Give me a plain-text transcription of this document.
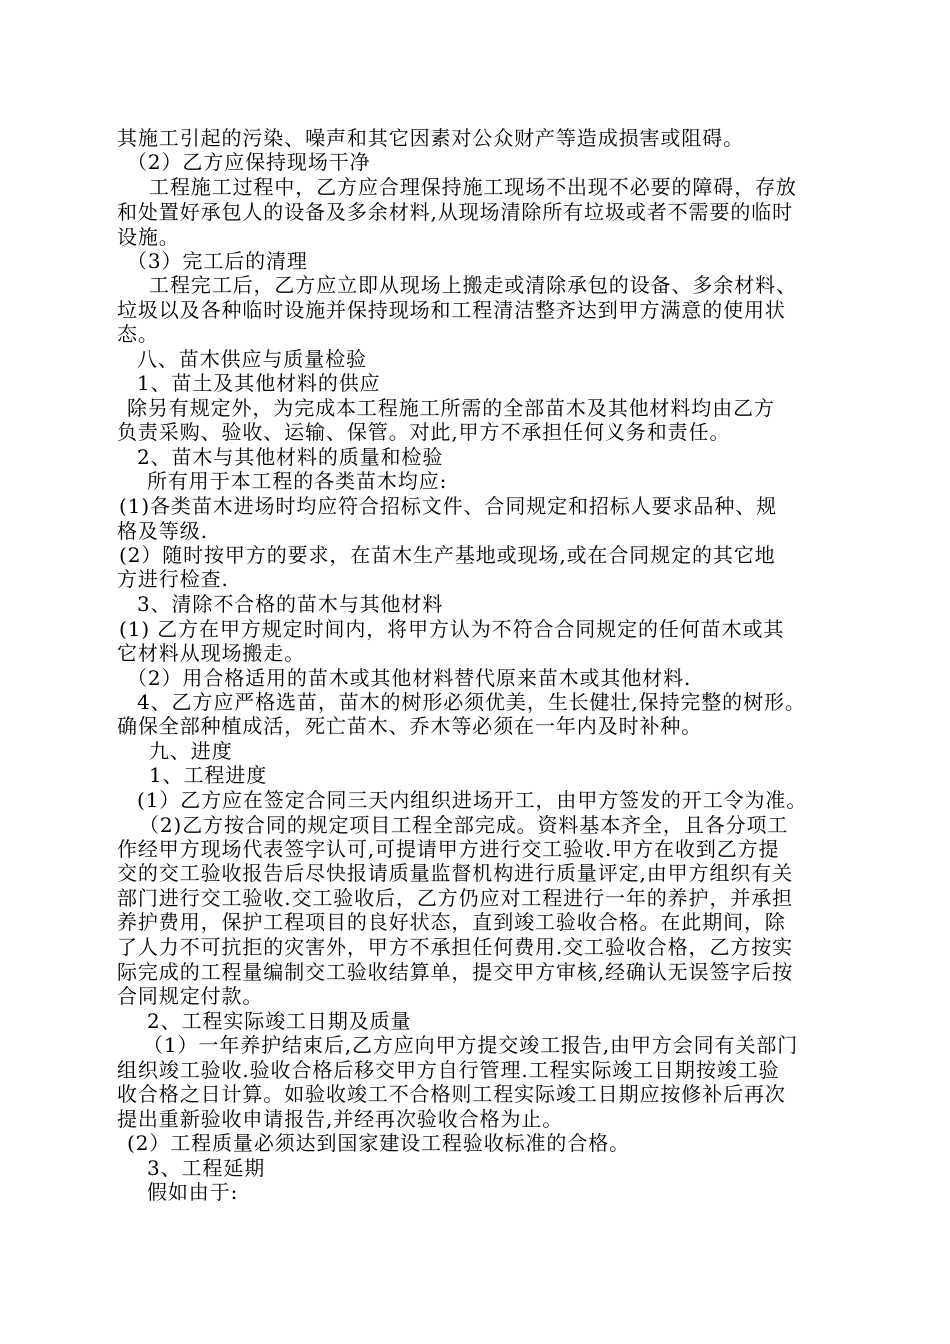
其施工引起的污染、噪声和其它因素对公众财产等造成损害或阻碍。
（2）乙方应保持现场干净
工程施工过程中，乙方应合理保持施工现场不出现不必要的障碍，存放
和处置好承包人的设备及多余材料,从现场清除所有垃圾或者不需要的临时
设施。
（3）完工后的清理
工程完工后，乙方应立即从现场上搬走或清除承包的设备、多余材料、
垃圾以及各种临时设施并保持现场和工程清洁整齐达到甲方满意的使用状
态。
八、苗木供应与质量检验
1、苗土及其他材料的供应
除另有规定外，为完成本工程施工所需的全部苗木及其他材料均由乙方
负责采购、验收、运输、保管。对此,甲方不承担任何义务和责任。
2、苗木与其他材料的质量和检验
所有用于本工程的各类苗木均应:
(1)各类苗木进场时均应符合招标文件、合同规定和招标人要求品种、规
格及等级.
(2）随时按甲方的要求，在苗木生产基地或现场,或在合同规定的其它地
方进行检查.
3、清除不合格的苗木与其他材料
(1) 乙方在甲方规定时间内，将甲方认为不符合合同规定的任何苗木或其
它材料从现场搬走。
（2）用合格适用的苗木或其他材料替代原来苗木或其他材料.
4、乙方应严格选苗，苗木的树形必须优美，生长健壮,保持完整的树形。
确保全部种植成活，死亡苗木、乔木等必须在一年内及时补种。
九、进度
1、工程进度
(1）乙方应在签定合同三天内组织进场开工，由甲方签发的开工令为准。
（2)乙方按合同的规定项目工程全部完成。资料基本齐全，且各分项工
作经甲方现场代表签字认可,可提请甲方进行交工验收.甲方在收到乙方提
交的交工验收报告后尽快报请质量监督机构进行质量评定,由甲方组织有关
部门进行交工验收.交工验收后，乙方仍应对工程进行一年的养护，并承担
养护费用，保护工程项目的良好状态，直到竣工验收合格。在此期间，除
了人力不可抗拒的灾害外，甲方不承担任何费用.交工验收合格，乙方按实
际完成的工程量编制交工验收结算单，提交甲方审核,经确认无误签字后按
合同规定付款。
2、工程实际竣工日期及质量
（1）一年养护结束后,乙方应向甲方提交竣工报告,由甲方会同有关部门
组织竣工验收.验收合格后移交甲方自行管理.工程实际竣工日期按竣工验
收合格之日计算。如验收竣工不合格则工程实际竣工日期应按修补后再次
提出重新验收申请报告,并经再次验收合格为止。
(2）工程质量必须达到国家建设工程验收标准的合格。
3、工程延期
假如由于:
